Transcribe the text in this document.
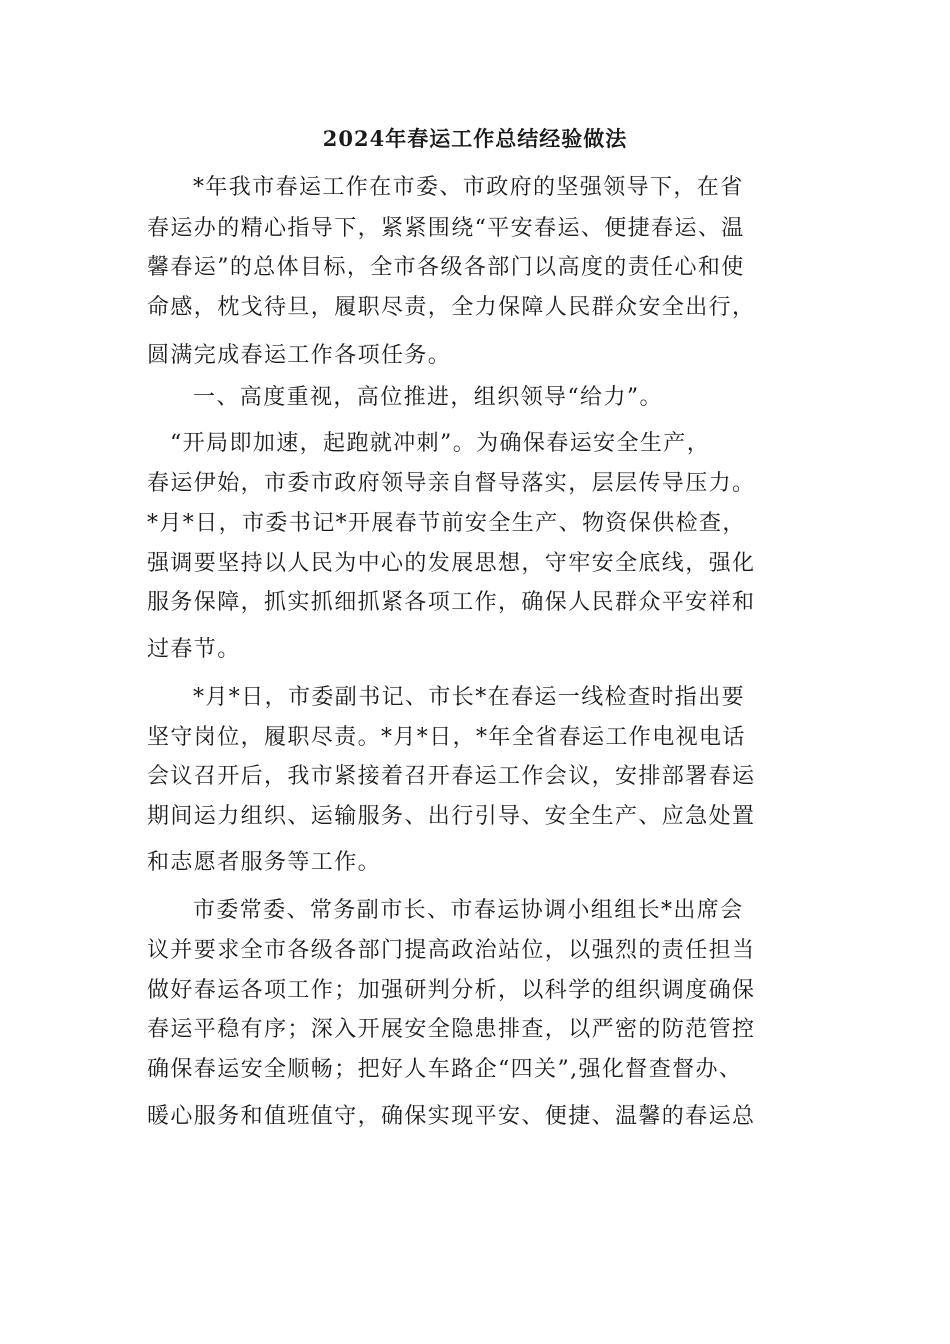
2024年春运工作总结经验做法
*年我市春运工作在市委、市政府的坚强领导下，在省
春运办的精心指导下，紧紧围绕“平安春运、便捷春运、温
馨春运”的总体目标，全市各级各部门以高度的责任心和使
命感，枕戈待旦，履职尽责，全力保障人民群众安全出行，
圆满完成春运工作各项任务。
一、高度重视，高位推进，组织领导“给力”。
“开局即加速，起跑就冲刺”。为确保春运安全生产，
春运伊始，市委市政府领导亲自督导落实，层层传导压力。
*月*日，市委书记*开展春节前安全生产、物资保供检查，
强调要坚持以人民为中心的发展思想，守牢安全底线，强化
服务保障，抓实抓细抓紧各项工作，确保人民群众平安祥和
过春节。
*月*日，市委副书记、市长*在春运一线检查时指出要
坚守岗位，履职尽责。*月*日，*年全省春运工作电视电话
会议召开后，我市紧接着召开春运工作会议，安排部署春运
期间运力组织、运输服务、出行引导、安全生产、应急处置
和志愿者服务等工作。
市委常委、常务副市长、市春运协调小组组长*出席会
议并要求全市各级各部门提高政治站位，以强烈的责任担当
做好春运各项工作；加强研判分析，以科学的组织调度确保
春运平稳有序；深入开展安全隐患排查，以严密的防范管控
确保春运安全顺畅；把好人车路企“四关”,强化督查督办、
暖心服务和值班值守，确保实现平安、便捷、温馨的春运总
